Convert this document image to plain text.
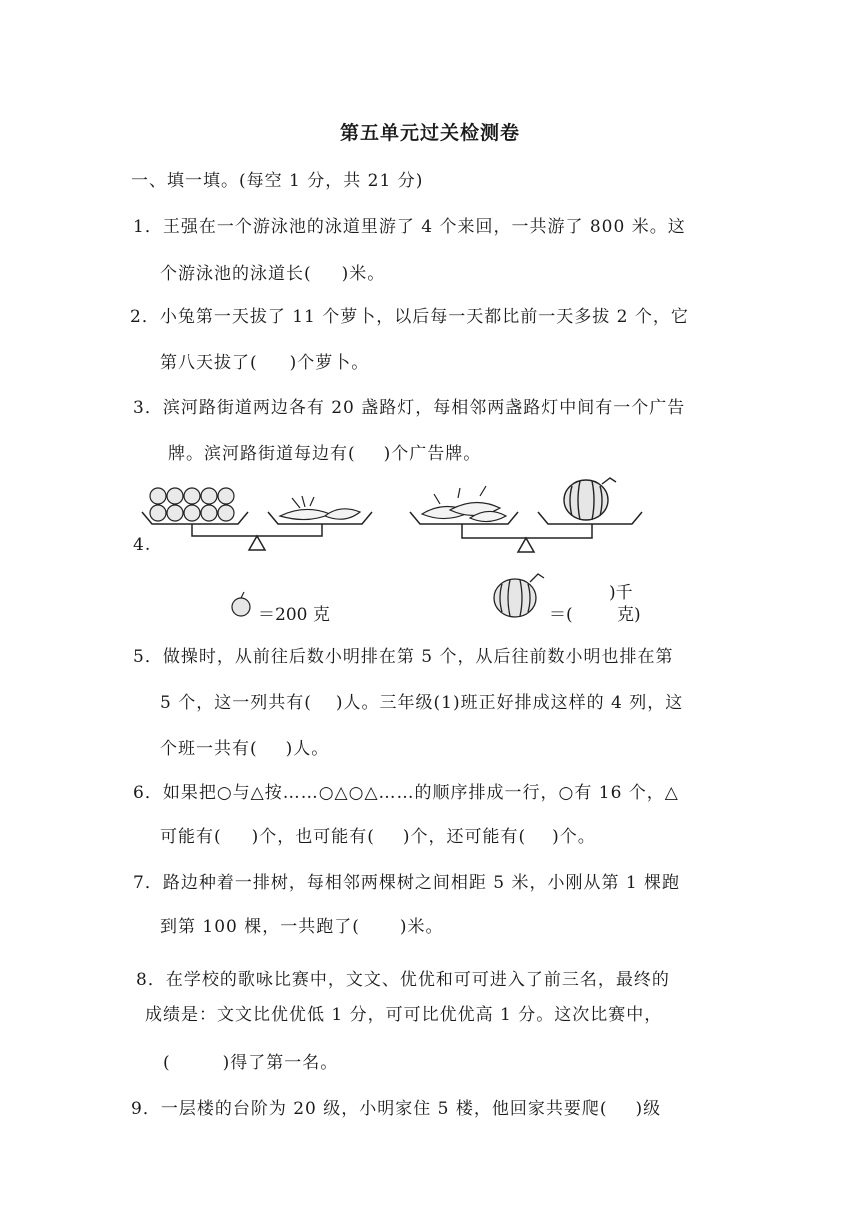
第五单元过关检测卷
一、填一填。(每空 1 分，共 21 分)
1．王强在一个游泳池的泳道里游了 4 个来回，一共游了 800 米。这
个游泳池的泳道长( )米。
2．小兔第一天拔了 11 个萝卜，以后每一天都比前一天多拔 2 个，它
第八天拔了( )个萝卜。
3．滨河路街道两边各有 20 盏路灯，每相邻两盏路灯中间有一个广告
牌。滨河路街道每边有( )个广告牌。
4.
＝200 克	＝(
)千
克)
5．做操时，从前往后数小明排在第 5 个，从后往前数小明也排在第
5 个，这一列共有( )人。三年级(1)班正好排成这样的 4 列，这
个班一共有( )人。
6．如果把○与△按……○△○△……的顺序排成一行，○有 16 个，△
可能有( )个，也可能有( )个，还可能有( )个。
7．路边种着一排树，每相邻两棵树之间相距 5 米，小刚从第 1 棵跑
到第 100 棵，一共跑了( )米。
8．在学校的歌咏比赛中，文文、优优和可可进入了前三名，最终的
成绩是：文文比优优低 1 分，可可比优优高 1 分。这次比赛中，
(	)得了第一名。
9．一层楼的台阶为 20 级，小明家住 5 楼，他回家共要爬( )级
